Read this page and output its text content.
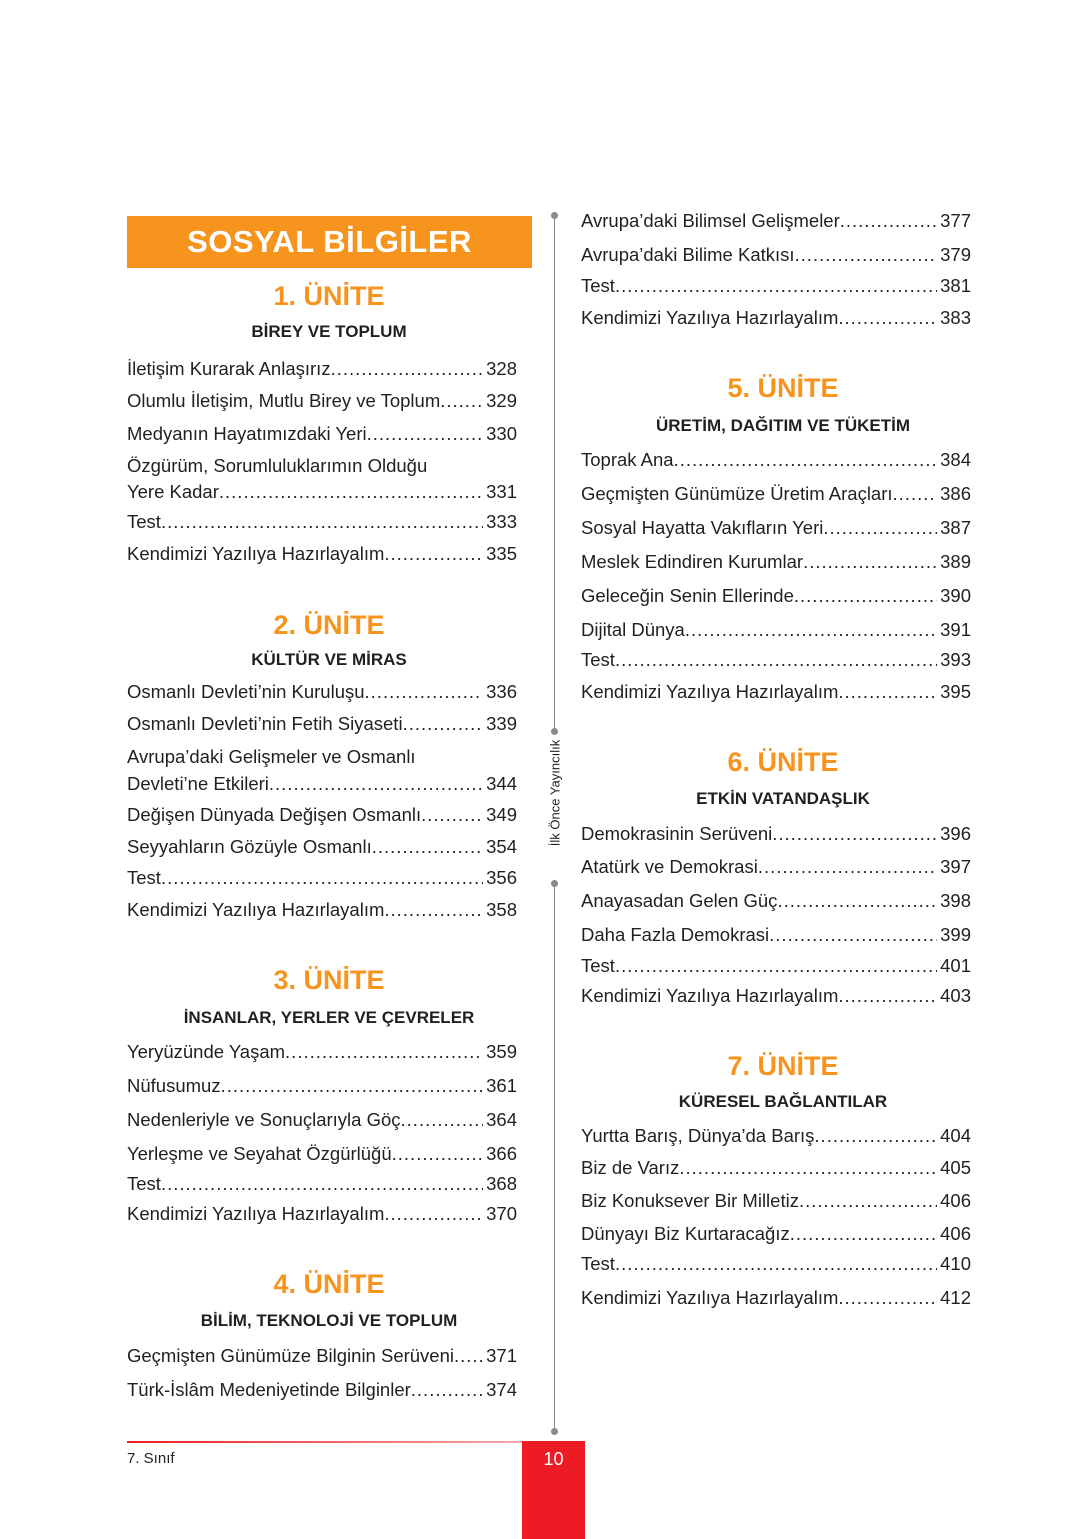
SOSYAL BİLGİLER
İlk Önce Yayıncılık
1. ÜNİTE
BİREY VE TOPLUM
İletişim Kurarak Anlaşırız .....	328
Olumlu İletişim, Mutlu Birey ve Toplum ..... 329
Medyanın Hayatımızdaki Yeri .....	330
Özgürüm, Sorumluluklarımın Olduğu
Yere Kadar .....	331
Test .....	333
Kendimizi Yazılıya Hazırlayalım .....	335
2. ÜNİTE
KÜLTÜR VE MİRAS
Osmanlı Devleti’nin Kuruluşu .....	336
Osmanlı Devleti’nin Fetih Siyaseti .....	339
Avrupa’daki Gelişmeler ve Osmanlı
Devleti’ne Etkileri .....	344
Değişen Dünyada Değişen Osmanlı .....	349
Seyyahların Gözüyle Osmanlı .....	354
Test .....	356
Kendimizi Yazılıya Hazırlayalım .....	358
3. ÜNİTE
İNSANLAR, YERLER VE ÇEVRELER
Yeryüzünde Yaşam .....	359
Nüfusumuz .....	361
Nedenleriyle ve Sonuçlarıyla Göç .....	364
Yerleşme ve Seyahat Özgürlüğü .....	366
Test .....	368
Kendimizi Yazılıya Hazırlayalım .....	370
4. ÜNİTE
BİLİM, TEKNOLOJİ VE TOPLUM
Geçmişten Günümüze Bilginin Serüveni ..... 371
Türk-İslâm Medeniyetinde Bilginler .....	374
Avrupa’daki Bilimsel Gelişmeler .....	377
Avrupa’daki Bilime Katkısı .....	379
Test .....	381
Kendimizi Yazılıya Hazırlayalım .....	383
5. ÜNİTE
ÜRETİM, DAĞITIM VE TÜKETİM
Toprak Ana .....	384
Geçmişten Günümüze Üretim Araçları .....	386
Sosyal Hayatta Vakıfların Yeri .....	387
Meslek Edindiren Kurumlar .....	389
Geleceğin Senin Ellerinde .....	390
Dijital Dünya .....	391
Test .....	393
Kendimizi Yazılıya Hazırlayalım .....	395
6. ÜNİTE
ETKİN VATANDAŞLIK
Demokrasinin Serüveni .....	396
Atatürk ve Demokrasi .....	397
Anayasadan Gelen Güç .....	398
Daha Fazla Demokrasi .....	399
Test .....	401
Kendimizi Yazılıya Hazırlayalım .....	403
7. ÜNİTE
KÜRESEL BAĞLANTILAR
Yurtta Barış, Dünya’da Barış .....	404
Biz de Varız .....	405
Biz Konuksever Bir Milletiz .....	406
Dünyayı Biz Kurtaracağız .....	406
Test .....	410
Kendimizi Yazılıya Hazırlayalım .....	412
7. Sınıf	10
